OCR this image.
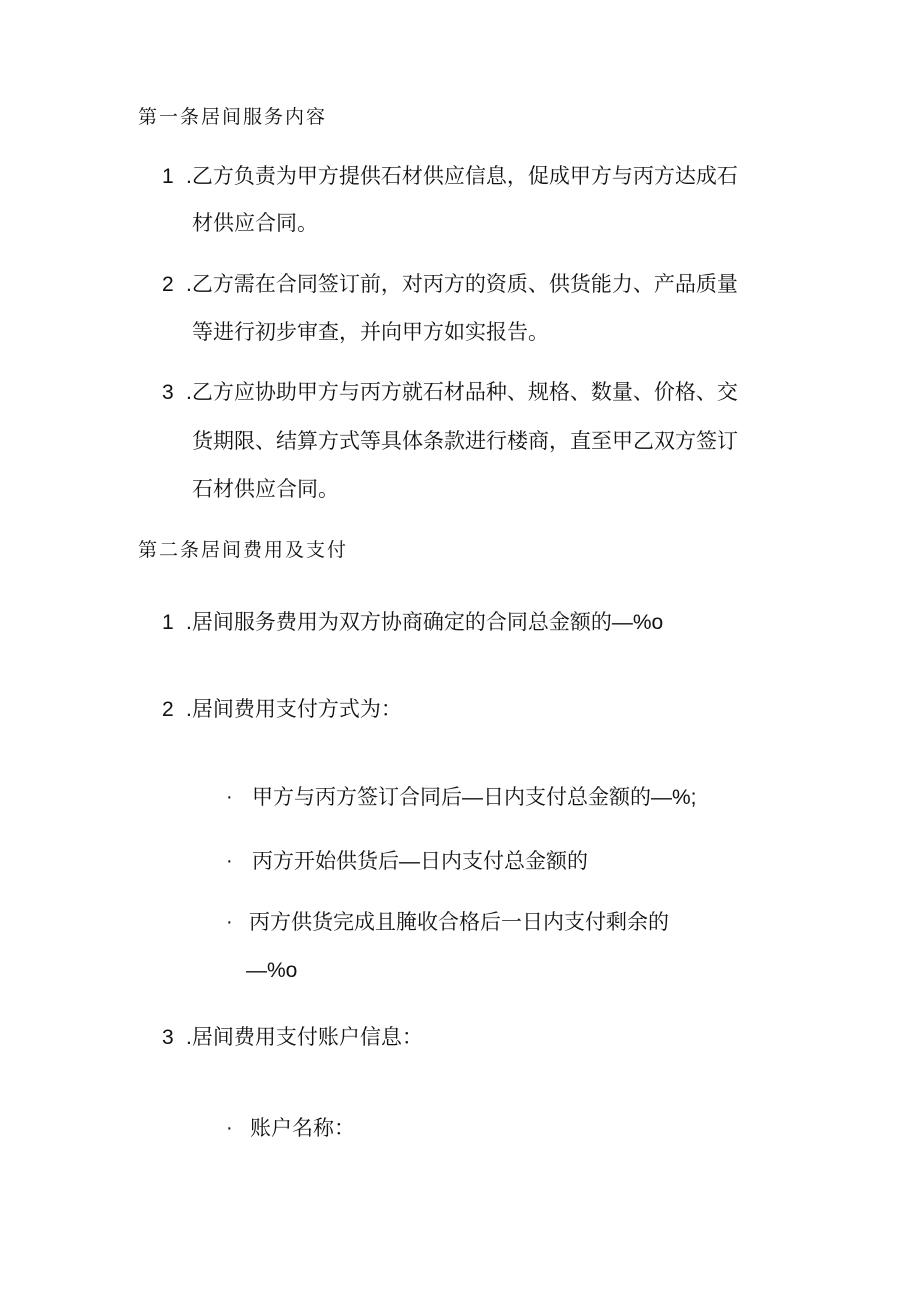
第一条居间服务内容
1 .乙方负责为甲方提供石材供应信息，促成甲方与丙方达成石
材供应合同。
2 .乙方需在合同签订前，对丙方的资质、供货能力、产品质量
等进行初步审查，并向甲方如实报告。
3 .乙方应协助甲方与丙方就石材品种、规格、数量、价格、交
货期限、结算方式等具体条款进行楼商，直至甲乙双方签订
石材供应合同。
第二条居间费用及支付
1 .居间服务费用为双方协商确定的合同总金额的—%o
2 .居间费用支付方式为：
· 甲方与丙方签订合同后—日内支付总金额的—%;
· 丙方开始供货后—日内支付总金额的
· 丙方供货完成且腌收合格后一日内支付剩余的
—%o
3 .居间费用支付账户信息：
· 账户名称：
